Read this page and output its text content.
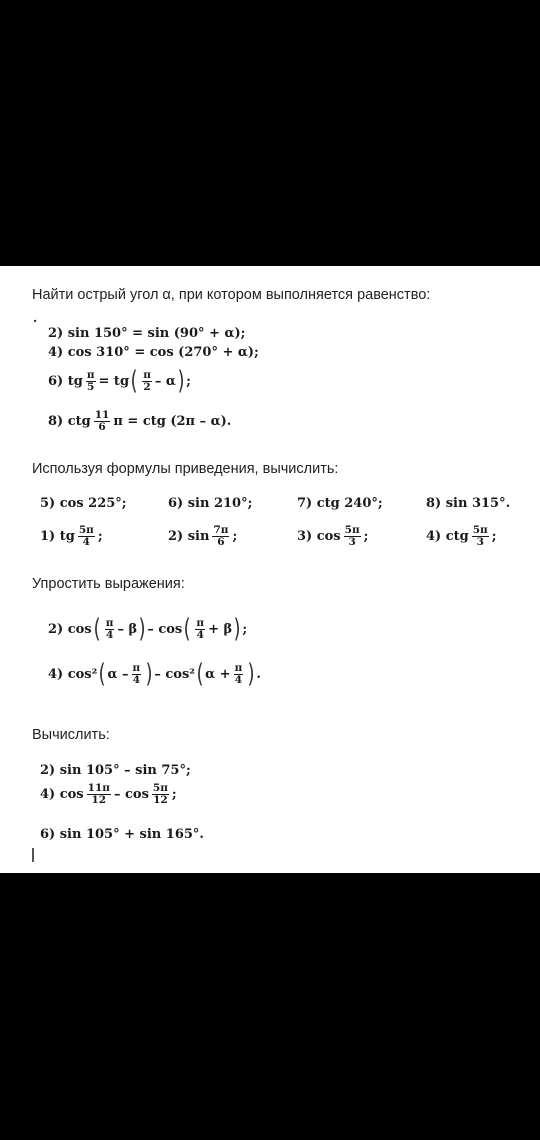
Найти острый угол α, при котором выполняется равенство:
·
2) sin 150° = sin (90° + α);
4) cos 310° = cos (270° + α);
6) tg $\frac{\pi}{5}$ = tg ( $\frac{\pi}{2}$ – α ) ;
8) ctg $\frac{11}{6}$ π = ctg (2π – α).
Используя формулы приведения, вычислить:
5) cos 225°;	6) sin 210°;	7) ctg 240°;	8) sin 315°.
1) tg $\frac{5\pi}{4}$ ;	2) $\sin \frac{7\pi}{6}$ ;	3) $\cos \frac{5\pi}{3}$ ;	4) ctg $\frac{5\pi}{3}$ ;
Упростить выражения:
2) cos ( $\frac{\pi}{4}$ – β ) – cos ( $\frac{\pi}{4} + \beta$ ) ;
4) cos² ( α – $\frac{\pi}{4}$ ) – cos² ( $\alpha + \frac{\pi}{4}$ ) .
Вычислить:
2) sin 105° – sin 75°;
4) $\cos \frac{11\pi}{12}$ – $\cos \frac{5\pi}{12}$ ;
6) sin 105° + sin 165°.
